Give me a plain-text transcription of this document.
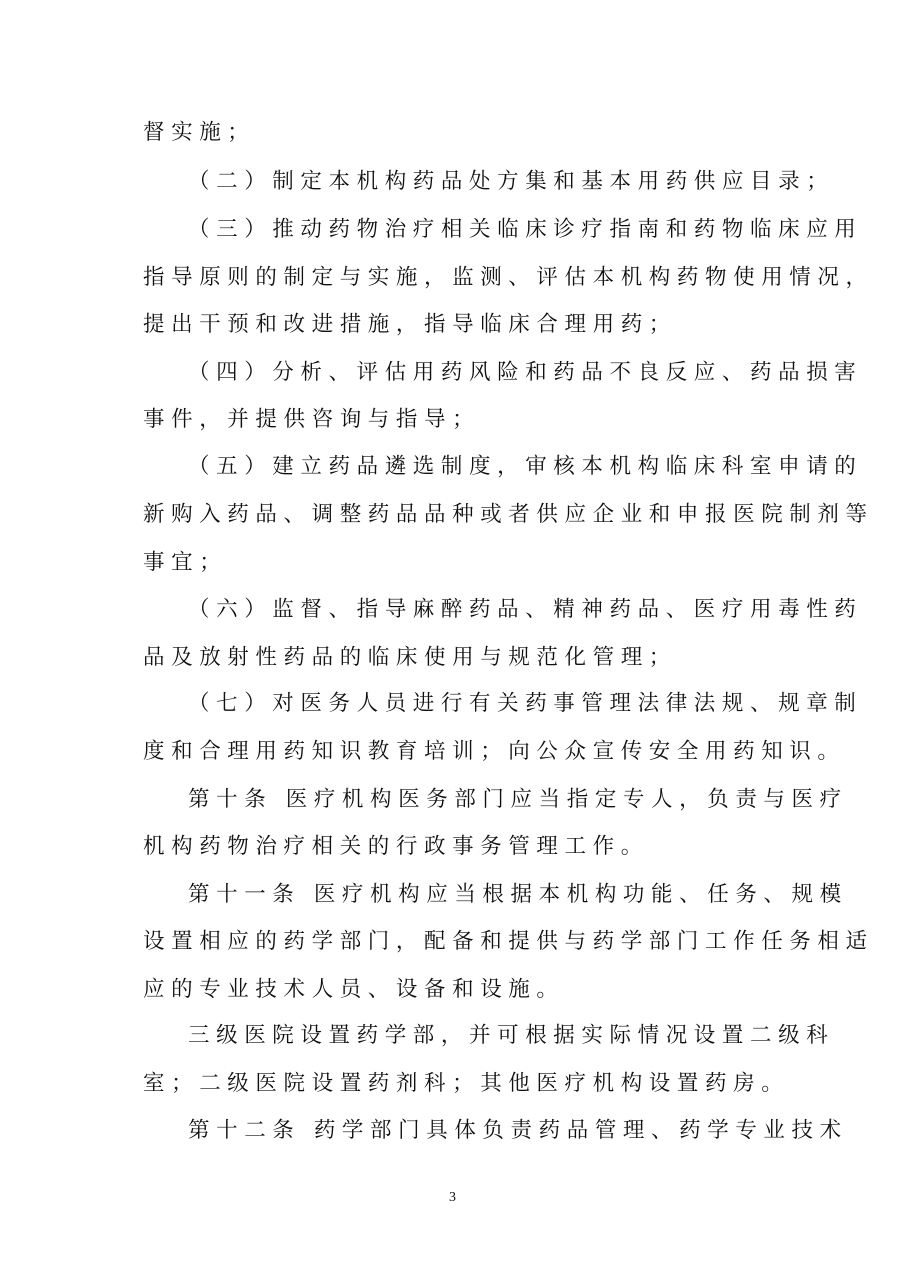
督实施；
（二）制定本机构药品处方集和基本用药供应目录；
（三）推动药物治疗相关临床诊疗指南和药物临床应用
指导原则的制定与实施，监测、评估本机构药物使用情况，
提出干预和改进措施，指导临床合理用药；
（四）分析、评估用药风险和药品不良反应、药品损害
事件，并提供咨询与指导；
（五）建立药品遴选制度，审核本机构临床科室申请的
新购入药品、调整药品品种或者供应企业和申报医院制剂等
事宜；
（六）监督、指导麻醉药品、精神药品、医疗用毒性药
品及放射性药品的临床使用与规范化管理；
（七）对医务人员进行有关药事管理法律法规、规章制
度和合理用药知识教育培训；向公众宣传安全用药知识。
第十条 医疗机构医务部门应当指定专人，负责与医疗
机构药物治疗相关的行政事务管理工作。
第十一条 医疗机构应当根据本机构功能、任务、规模
设置相应的药学部门，配备和提供与药学部门工作任务相适
应的专业技术人员、设备和设施。
三级医院设置药学部，并可根据实际情况设置二级科
室；二级医院设置药剂科；其他医疗机构设置药房。
第十二条 药学部门具体负责药品管理、药学专业技术
3
